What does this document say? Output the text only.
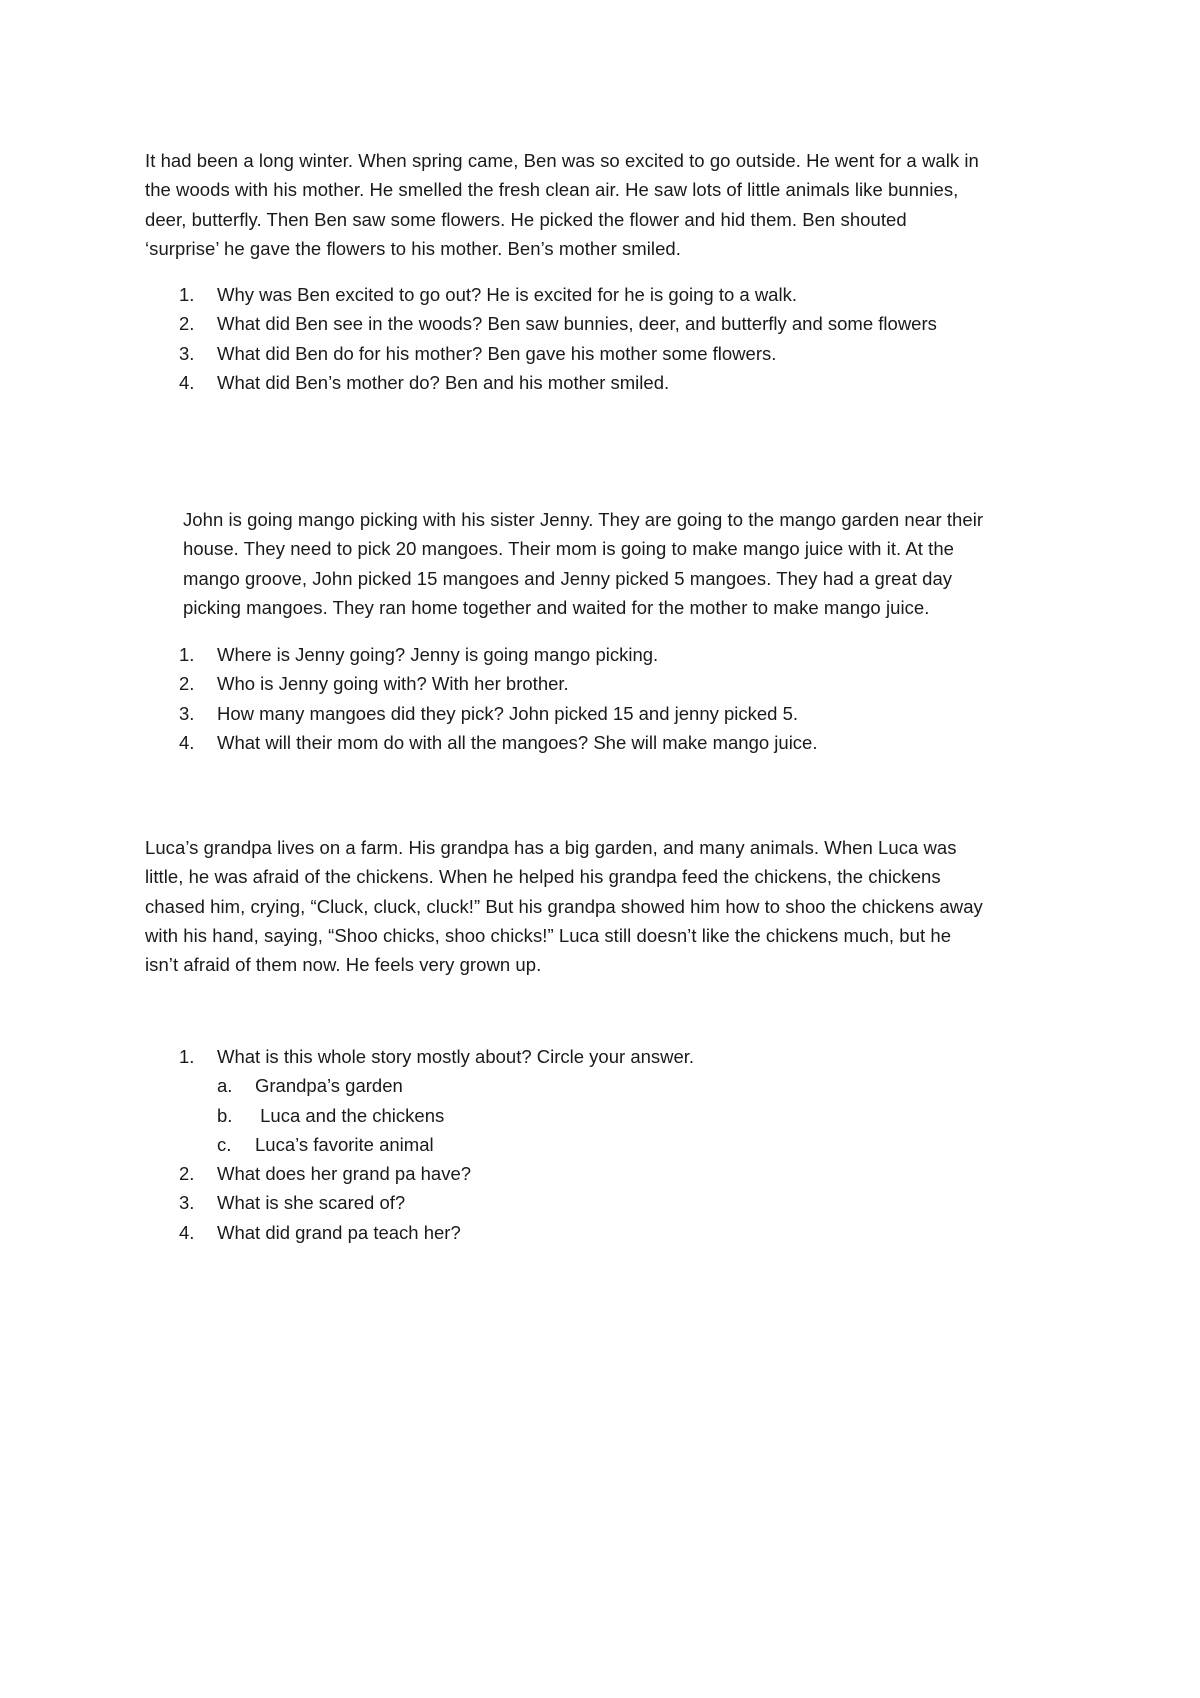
It had been a long winter. When spring came, Ben was so excited to go outside. He went for a walk in
the woods with his mother. He smelled the fresh clean air. He saw lots of little animals like bunnies,
deer, butterfly. Then Ben saw some flowers. He picked the flower and hid them. Ben shouted
‘surprise’ he gave the flowers to his mother. Ben’s mother smiled.

1. Why was Ben excited to go out? He is excited for he is going to a walk.
2. What did Ben see in the woods? Ben saw bunnies, deer, and butterfly and some flowers
3. What did Ben do for his mother? Ben gave his mother some flowers.
4. What did Ben’s mother do? Ben and his mother smiled.

John is going mango picking with his sister Jenny. They are going to the mango garden near their
house. They need to pick 20 mangoes. Their mom is going to make mango juice with it. At the
mango groove, John picked 15 mangoes and Jenny picked 5 mangoes. They had a great day
picking mangoes. They ran home together and waited for the mother to make mango juice.

1. Where is Jenny going? Jenny is going mango picking.
2. Who is Jenny going with? With her brother.
3. How many mangoes did they pick? John picked 15 and jenny picked 5.
4. What will their mom do with all the mangoes? She will make mango juice.

Luca’s grandpa lives on a farm. His grandpa has a big garden, and many animals. When Luca was
little, he was afraid of the chickens. When he helped his grandpa feed the chickens, the chickens
chased him, crying, “Cluck, cluck, cluck!” But his grandpa showed him how to shoo the chickens away
with his hand, saying, “Shoo chicks, shoo chicks!” Luca still doesn’t like the chickens much, but he
isn’t afraid of them now. He feels very grown up.

1. What is this whole story mostly about? Circle your answer.
a. Grandpa’s garden
b. Luca and the chickens
c. Luca’s favorite animal
2. What does her grand pa have?
3. What is she scared of?
4. What did grand pa teach her?
